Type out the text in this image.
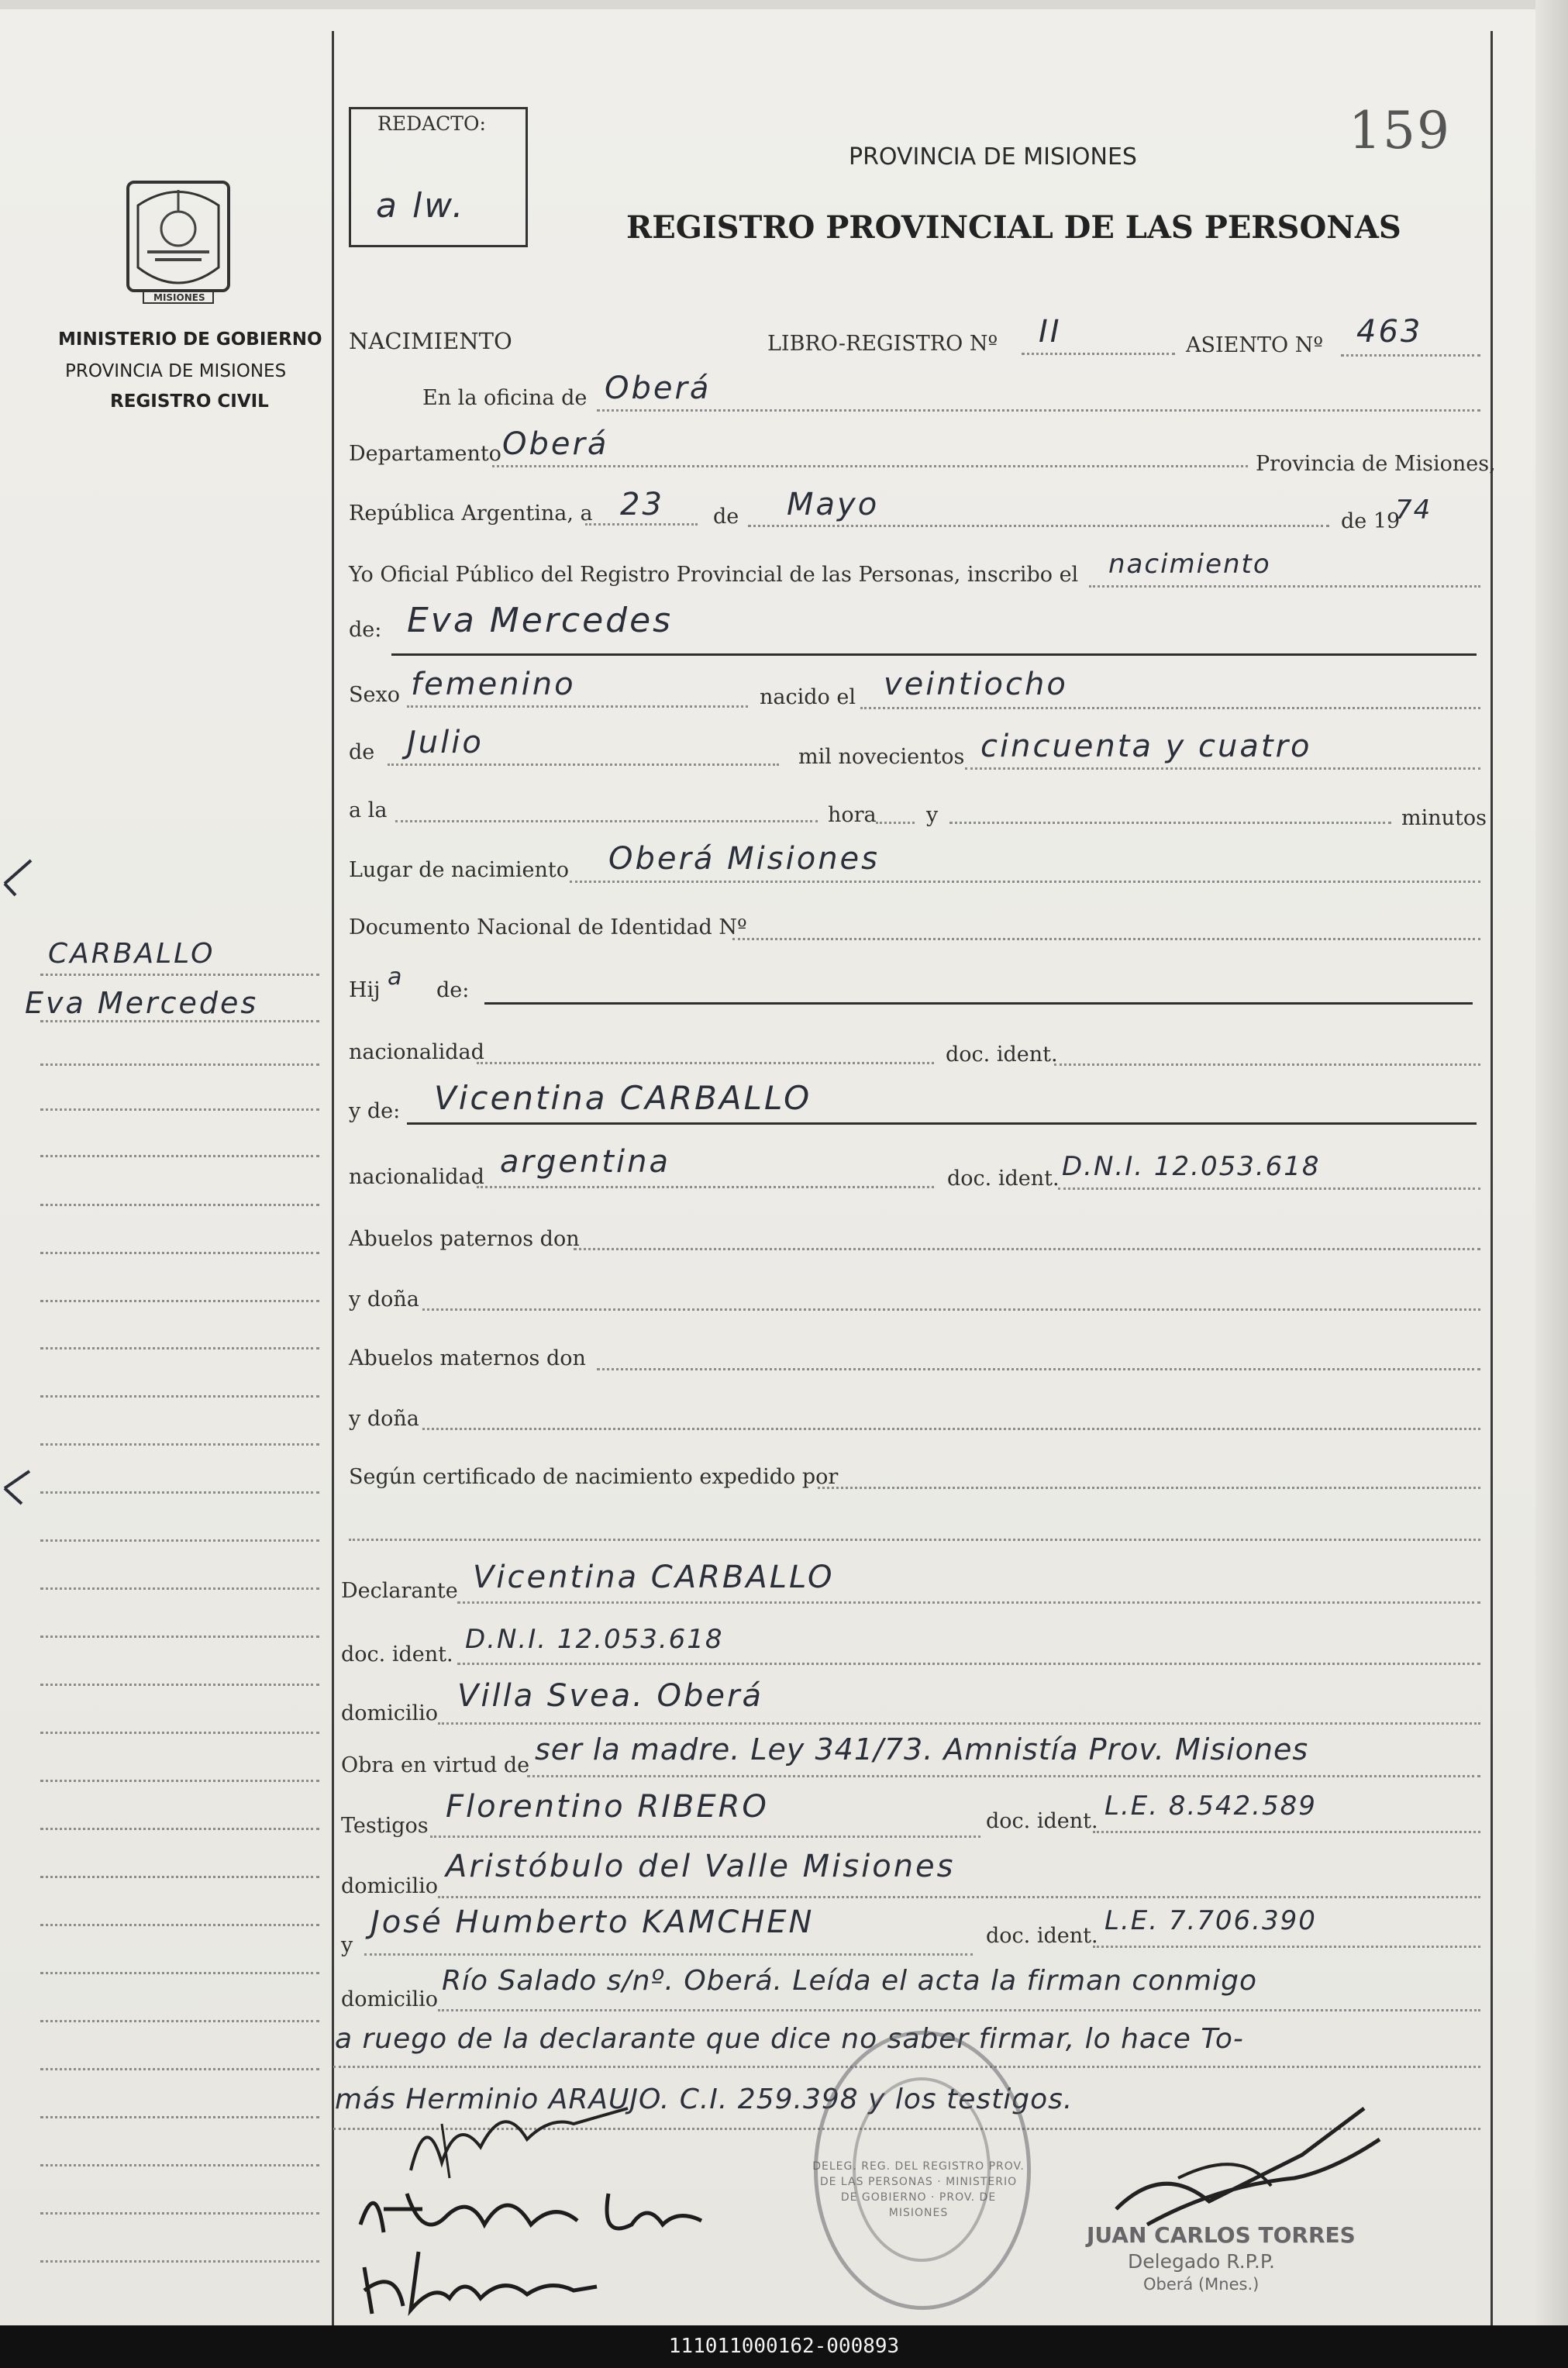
MISIONES
MINISTERIO DE GOBIERNO
PROVINCIA DE MISIONES
REGISTRO CIVIL
REDACTO:
a lw.
159
PROVINCIA DE MISIONES
REGISTRO PROVINCIAL DE LAS PERSONAS
NACIMIENTO	LIBRO-REGISTRO Nº II	ASIENTO Nº 463
En la oficina de Oberá
Departamento Oberá
Provincia de Misiones,
República Argentina, a 23 de Mayo	de 19
74
Yo Oficial Público del Registro Provincial de las Personas, inscribo el nacimiento
de: Eva Mercedes
Sexo femenino	nacido el veintiocho
de Julio	mil novecientos cincuenta y cuatro
a la	hora y	minutos
Lugar de nacimiento Oberá Misiones
Documento Nacional de Identidad Nº
Hij a de:
nacionalidad	doc. ident.
y de: Vicentina CARBALLO
nacionalidad argentina	doc. ident. D.N.I. 12.053.618
Abuelos paternos don
y doña
Abuelos maternos don
y doña
Según certificado de nacimiento expedido por
Declarante Vicentina CARBALLO
doc. ident. D.N.I. 12.053.618
domicilio Villa Svea. Oberá
Obra en virtud de ser la madre. Ley 341/73. Amnistía Prov. Misiones
Testigos
Florentino RIBERO	doc. ident. L.E. 8.542.589
domicilio
Aristóbulo del Valle Misiones
y
José Humberto KAMCHEN	doc. ident. L.E. 7.706.390
domicilio
Río Salado s/nº. Oberá. Leída el acta la firman conmigo
a ruego de la declarante que dice no saber firmar, lo hace To-
más Herminio ARAUJO. C.I. 259.398 y los testigos.
CARBALLO
Eva Mercedes
DELEG. REG. DEL REGISTRO PROV. DE LAS PERSONAS · MINISTERIO DE GOBIERNO · PROV. DE MISIONES
JUAN CARLOS TORRES
Delegado R.P.P.
Oberá (Mnes.)
111011000162-000893
